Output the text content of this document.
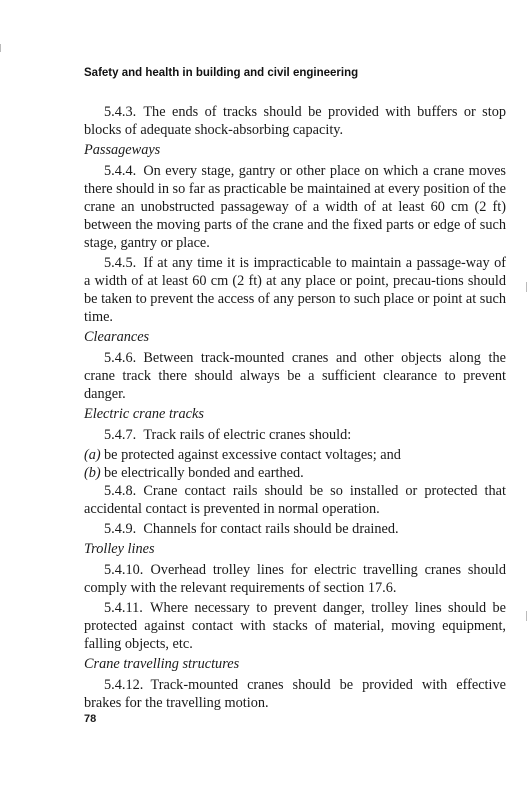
Safety and health in building and civil engineering

5.4.3.  The ends of tracks should be provided with buffers or stop blocks of adequate shock-absorbing capacity.

Passageways

5.4.4.  On every stage, gantry or other place on which a crane moves there should in so far as practicable be maintained at every position of the crane an unobstructed passageway of a width of at least 60 cm (2 ft) between the moving parts of the crane and the fixed parts or edge of such stage, gantry or place.

5.4.5.  If at any time it is impracticable to maintain a passage-way of a width of at least 60 cm (2 ft) at any place or point, precau-tions should be taken to prevent the access of any person to such place or point at such time.

Clearances

5.4.6.  Between track-mounted cranes and other objects along the crane track there should always be a sufficient clearance to prevent danger.

Electric crane tracks

5.4.7.  Track rails of electric cranes should:

(a) be protected against excessive contact voltages; and
(b) be electrically bonded and earthed.

5.4.8.  Crane contact rails should be so installed or protected that accidental contact is prevented in normal operation.

5.4.9.  Channels for contact rails should be drained.

Trolley lines

5.4.10.  Overhead trolley lines for electric travelling cranes should comply with the relevant requirements of section 17.6.

5.4.11.  Where necessary to prevent danger, trolley lines should be protected against contact with stacks of material, moving equipment, falling objects, etc.

Crane travelling structures

5.4.12.  Track-mounted cranes should be provided with effective brakes for the travelling motion.

78
